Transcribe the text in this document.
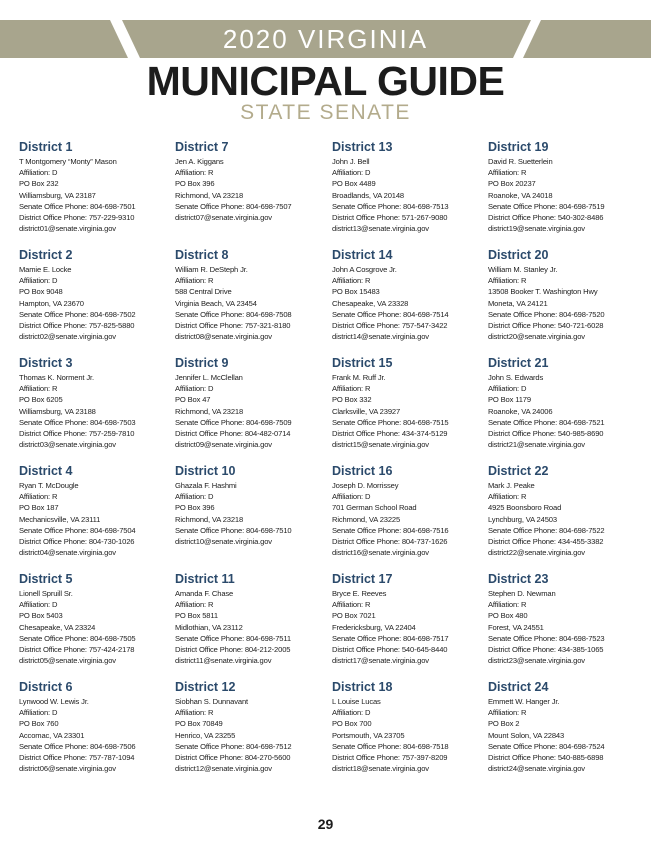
2020 VIRGINIA
MUNICIPAL GUIDE
STATE SENATE
District 1
T Montgomery “Monty” Mason
Affiliation: D
PO Box 232
Williamsburg, VA 23187
Senate Office Phone: 804-698-7501
District Office Phone: 757-229-9310
district01@senate.virginia.gov
District 2
Mamie E. Locke
Affiliation: D
PO Box 9048
Hampton, VA 23670
Senate Office Phone: 804-698-7502
District Office Phone: 757-825-5880
district02@senate.virginia.gov
District 3
Thomas K. Norment Jr.
Affiliation: R
PO Box 6205
Williamsburg, VA 23188
Senate Office Phone: 804-698-7503
District Office Phone: 757-259-7810
district03@senate.virginia.gov
District 4
Ryan T. McDougle
Affiliation: R
PO Box 187
Mechanicsville, VA 23111
Senate Office Phone: 804-698-7504
District Office Phone: 804-730-1026
district04@senate.virginia.gov
District 5
Lionell Spruill Sr.
Affiliation: D
PO Box 5403
Chesapeake, VA 23324
Senate Office Phone: 804-698-7505
District Office Phone: 757-424-2178
district05@senate.virginia.gov
District 6
Lynwood W. Lewis Jr.
Affiliation: D
PO Box 760
Accomac, VA 23301
Senate Office Phone: 804-698-7506
District Office Phone: 757-787-1094
district06@senate.virginia.gov
District 7
Jen A. Kiggans
Affiliation: R
PO Box 396
Richmond, VA 23218
Senate Office Phone: 804-698-7507
district07@senate.virginia.gov
District 8
William R. DeSteph Jr.
Affiliation: R
588 Central Drive
Virginia Beach, VA 23454
Senate Office Phone: 804-698-7508
District Office Phone: 757-321-8180
district08@senate.virginia.gov
District 9
Jennifer L. McClellan
Affiliation: D
PO Box 47
Richmond, VA 23218
Senate Office Phone: 804-698-7509
District Office Phone: 804-482-0714
district09@senate.virginia.gov
District 10
Ghazala F. Hashmi
Affiliation: D
PO Box 396
Richmond, VA 23218
Senate Office Phone: 804-698-7510
district10@senate.virginia.gov
District 11
Amanda F. Chase
Affiliation: R
PO Box 5811
Midlothian, VA 23112
Senate Office Phone: 804-698-7511
District Office Phone: 804-212-2005
district11@senate.virginia.gov
District 12
Siobhan S. Dunnavant
Affiliation: R
PO Box 70849
Henrico, VA 23255
Senate Office Phone: 804-698-7512
District Office Phone: 804-270-5600
district12@senate.virginia.gov
District 13
John J. Bell
Affiliation: D
PO Box 4489
Broadlands, VA 20148
Senate Office Phone: 804-698-7513
District Office Phone: 571-267-9080
district13@senate.virginia.gov
District 14
John A Cosgrove Jr.
Affiliation: R
PO Box 15483
Chesapeake, VA 23328
Senate Office Phone: 804-698-7514
District Office Phone: 757-547-3422
district14@senate.virginia.gov
District 15
Frank M. Ruff Jr.
Affiliation: R
PO Box 332
Clarksville, VA 23927
Senate Office Phone: 804-698-7515
District Office Phone: 434-374-5129
district15@senate.virginia.gov
District 16
Joseph D. Morrissey
Affiliation: D
701 German School Road
Richmond, VA 23225
Senate Office Phone: 804-698-7516
District Office Phone: 804-737-1626
district16@senate.virginia.gov
District 17
Bryce E. Reeves
Affiliation: R
PO Box 7021
Fredericksburg, VA 22404
Senate Office Phone: 804-698-7517
District Office Phone: 540-645-8440
district17@senate.virginia.gov
District 18
L Louise Lucas
Affiliation: D
PO Box 700
Portsmouth, VA 23705
Senate Office Phone: 804-698-7518
District Office Phone: 757-397-8209
district18@senate.virginia.gov
District 19
David R. Suetterlein
Affiliation: R
PO Box 20237
Roanoke, VA 24018
Senate Office Phone: 804-698-7519
District Office Phone: 540-302-8486
district19@senate.virginia.gov
District 20
William M. Stanley Jr.
Affiliation: R
13508 Booker T. Washington Hwy
Moneta, VA 24121
Senate Office Phone: 804-698-7520
District Office Phone: 540-721-6028
district20@senate.virginia.gov
District 21
John S. Edwards
Affiliation: D
PO Box 1179
Roanoke, VA 24006
Senate Office Phone: 804-698-7521
District Office Phone: 540-985-8690
district21@senate.virginia.gov
District 22
Mark J. Peake
Affiliation: R
4925 Boonsboro Road
Lynchburg, VA 24503
Senate Office Phone: 804-698-7522
District Office Phone: 434-455-3382
district22@senate.virginia.gov
District 23
Stephen D. Newman
Affiliation: R
PO Box 480
Forest, VA 24551
Senate Office Phone: 804-698-7523
District Office Phone: 434-385-1065
district23@senate.virginia.gov
District 24
Emmett W. Hanger Jr.
Affiliation: R
PO Box 2
Mount Solon, VA 22843
Senate Office Phone: 804-698-7524
District Office Phone: 540-885-6898
district24@senate.virginia.gov
29
